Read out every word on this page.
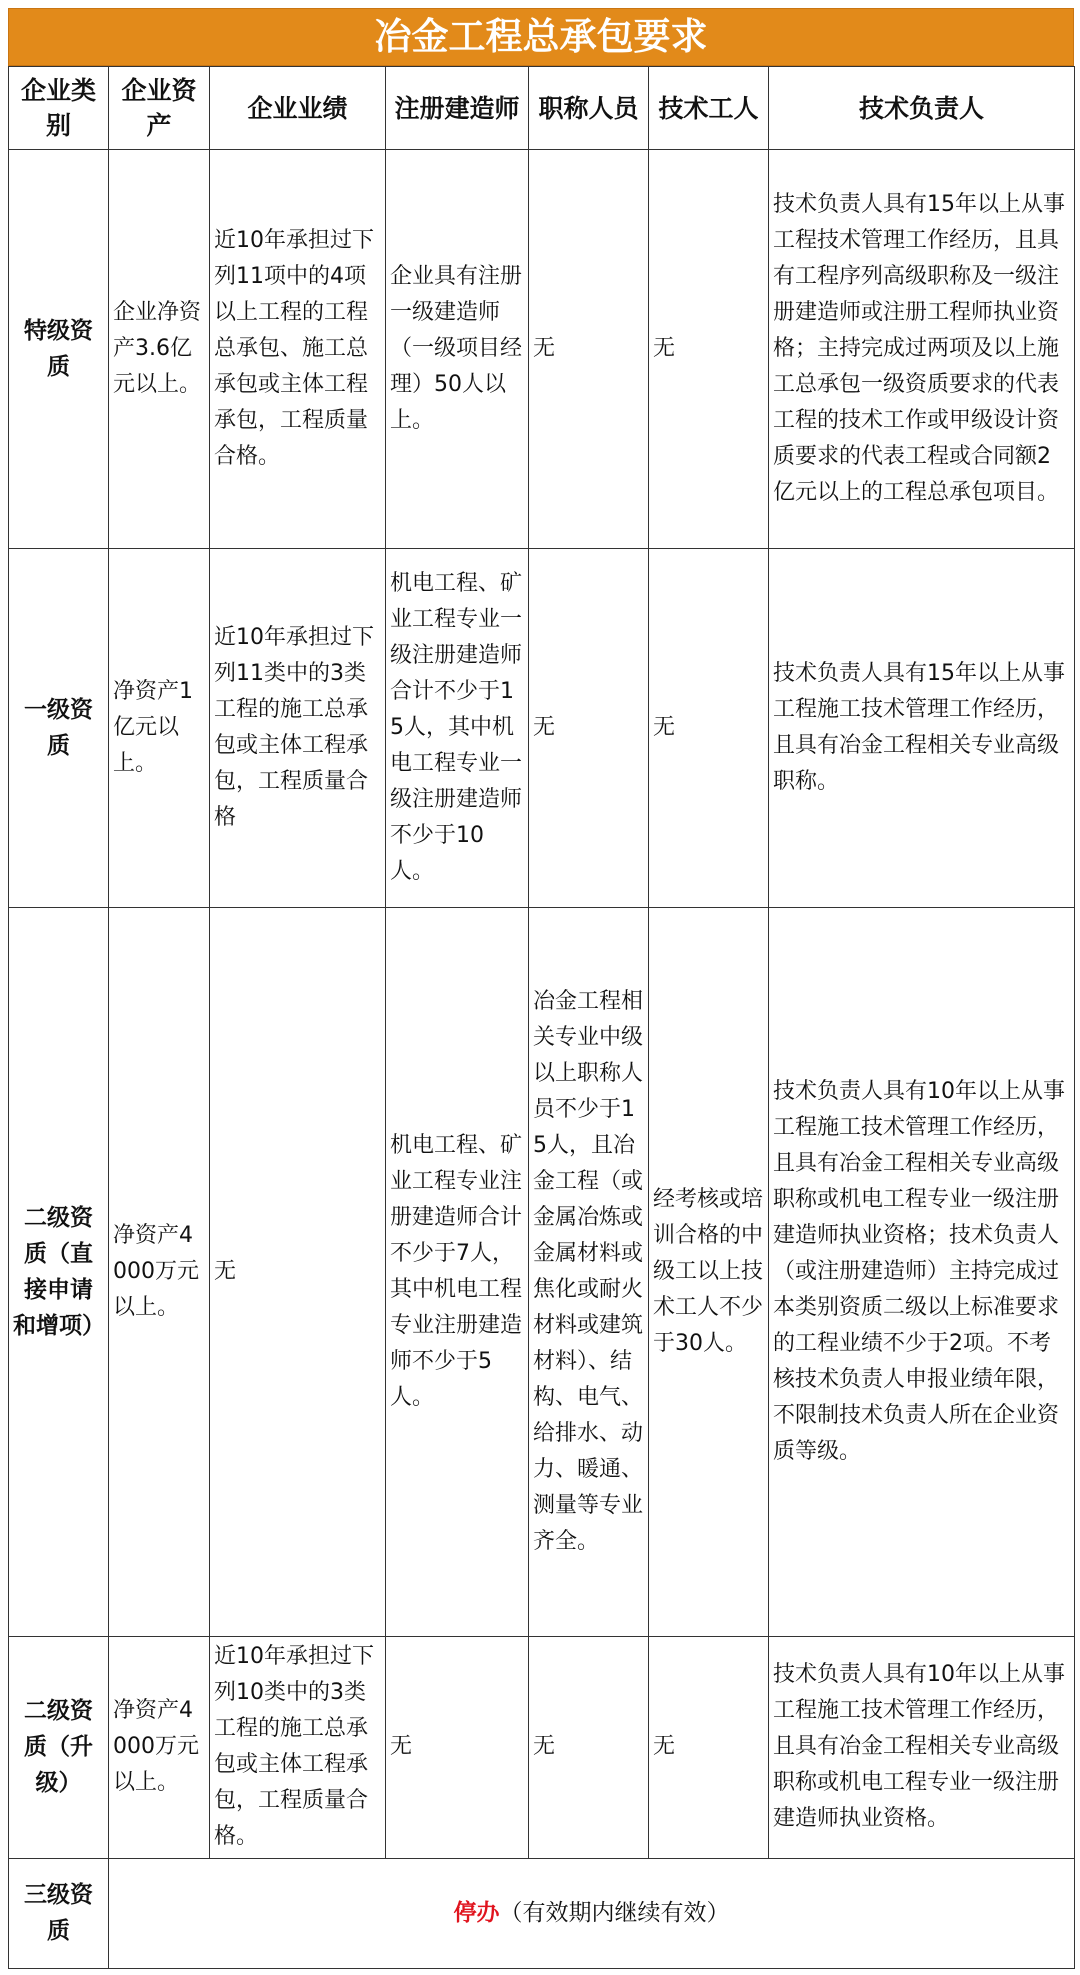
冶金工程总承包要求
企业类别	企业资产	企业业绩	注册建造师	职称人员	技术工人	技术负责人
特级资质	企业净资产3.6亿元以上。	近10年承担过下列11项中的4项以上工程的工程总承包、施工总承包或主体工程承包，工程质量合格。	企业具有注册一级建造师（一级项目经理）50人以上。	无	无	技术负责人具有15年以上从事工程技术管理工作经历，且具有工程序列高级职称及一级注册建造师或注册工程师执业资格；主持完成过两项及以上施工总承包一级资质要求的代表工程的技术工作或甲级设计资质要求的代表工程或合同额2亿元以上的工程总承包项目。
一级资质	净资产1亿元以上。	近10年承担过下列11类中的3类工程的施工总承包或主体工程承包，工程质量合格	机电工程、矿业工程专业一级注册建造师合计不少于15人，其中机电工程专业一级注册建造师不少于10人。	无	无	技术负责人具有15年以上从事工程施工技术管理工作经历，且具有冶金工程相关专业高级职称。
二级资质（直接申请和增项）	净资产4000万元以上。	无	机电工程、矿业工程专业注册建造师合计不少于7人，其中机电工程专业注册建造师不少于5人。	冶金工程相关专业中级以上职称人员不少于15人，且冶金工程（或金属冶炼或金属材料或焦化或耐火材料或建筑材料）、结构、电气、给排水、动力、暖通、测量等专业齐全。	经考核或培训合格的中级工以上技术工人不少于30人。	技术负责人具有10年以上从事工程施工技术管理工作经历，且具有冶金工程相关专业高级职称或机电工程专业一级注册建造师执业资格；技术负责人（或注册建造师）主持完成过本类别资质二级以上标准要求的工程业绩不少于2项。不考核技术负责人申报业绩年限，不限制技术负责人所在企业资质等级。
二级资质（升级）	净资产4000万元以上。	近10年承担过下列10类中的3类工程的施工总承包或主体工程承包，工程质量合格。	无	无	无	技术负责人具有10年以上从事工程施工技术管理工作经历，且具有冶金工程相关专业高级职称或机电工程专业一级注册建造师执业资格。
三级资质	停办（有效期内继续有效）					
